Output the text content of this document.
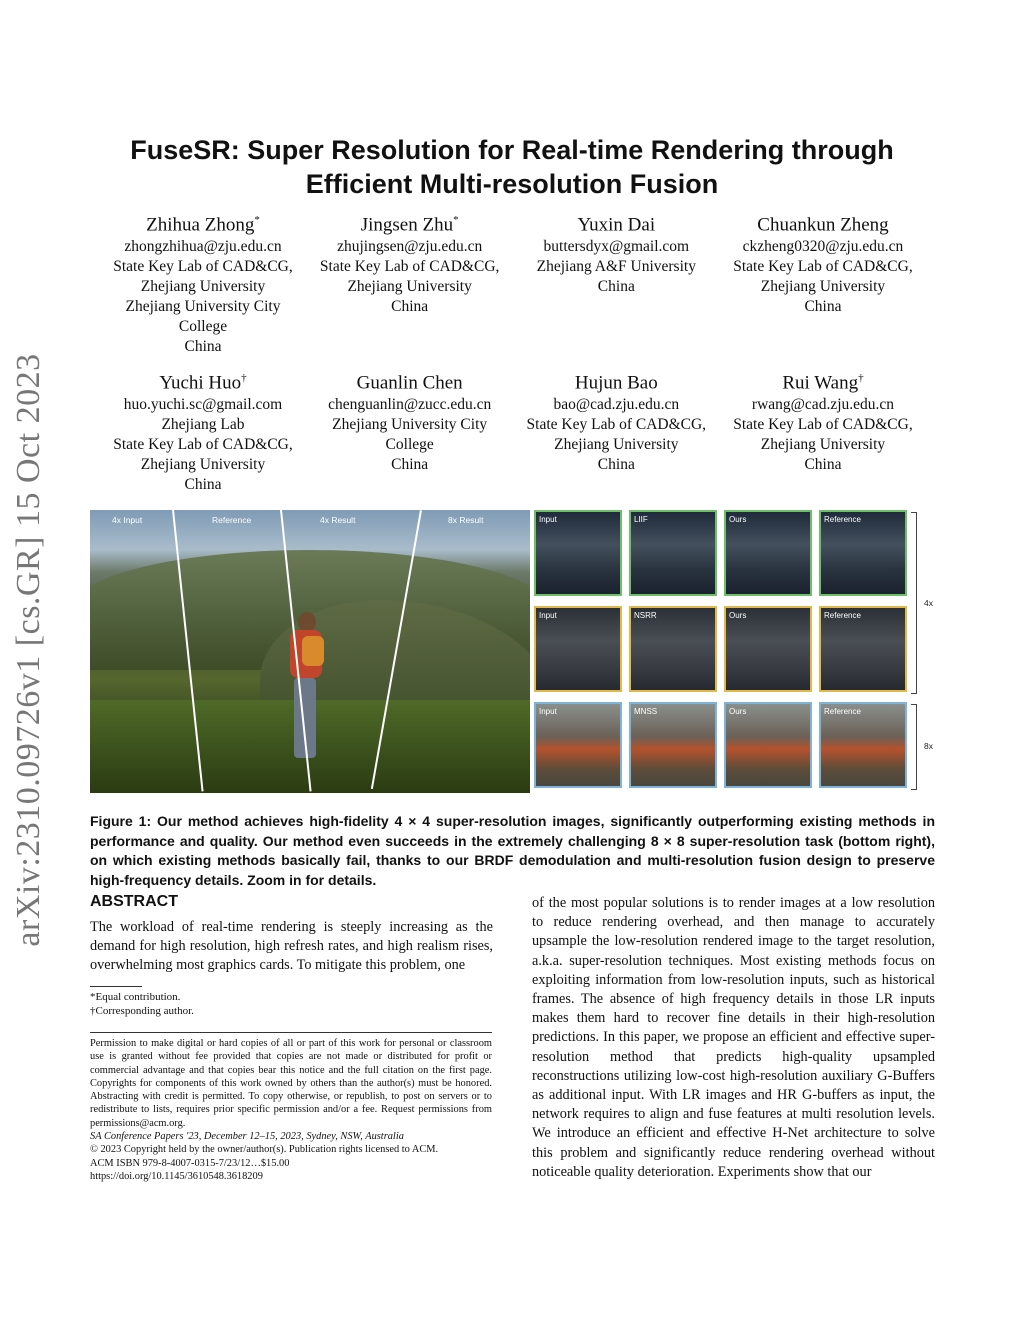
arXiv:2310.09726v1 [cs.GR] 15 Oct 2023
FuseSR: Super Resolution for Real-time Rendering through
Efficient Multi-resolution Fusion
Zhihua Zhong*
zhongzhihua@zju.edu.cn
State Key Lab of CAD&CG,
Zhejiang University
Zhejiang University City
College
China
Jingsen Zhu*
zhujingsen@zju.edu.cn
State Key Lab of CAD&CG,
Zhejiang University
China
Yuxin Dai
buttersdyx@gmail.com
Zhejiang A&F University
China
Chuankun Zheng
ckzheng0320@zju.edu.cn
State Key Lab of CAD&CG,
Zhejiang University
China
Yuchi Huo†
huo.yuchi.sc@gmail.com
Zhejiang Lab
State Key Lab of CAD&CG,
Zhejiang University
China
Guanlin Chen
chenguanlin@zucc.edu.cn
Zhejiang University City
College
China
Hujun Bao
bao@cad.zju.edu.cn
State Key Lab of CAD&CG,
Zhejiang University
China
Rui Wang†
rwang@cad.zju.edu.cn
State Key Lab of CAD&CG,
Zhejiang University
China
4x Input	Reference	4x Result	8x Result	Input	LIIF	Ours	Reference
Input	NSRR	Ours	Reference
Input	MNSS	Ours	Reference
4x
8x
Figure 1: Our method achieves high-fidelity 4 × 4 super-resolution images, significantly outperforming existing methods in performance and quality. Our method even succeeds in the extremely challenging 8 × 8 super-resolution task (bottom right), on which existing methods basically fail, thanks to our BRDF demodulation and multi-resolution fusion design to preserve high-frequency details. Zoom in for details.
ABSTRACT
The workload of real-time rendering is steeply increasing as the demand for high resolution, high refresh rates, and high realism rises, overwhelming most graphics cards. To mitigate this problem, one
*Equal contribution.
†Corresponding author.
Permission to make digital or hard copies of all or part of this work for personal or classroom use is granted without fee provided that copies are not made or distributed for profit or commercial advantage and that copies bear this notice and the full citation on the first page. Copyrights for components of this work owned by others than the author(s) must be honored. Abstracting with credit is permitted. To copy otherwise, or republish, to post on servers or to redistribute to lists, requires prior specific permission and/or a fee. Request permissions from permissions@acm.org.
SA Conference Papers '23, December 12–15, 2023, Sydney, NSW, Australia
© 2023 Copyright held by the owner/author(s). Publication rights licensed to ACM.
ACM ISBN 979-8-4007-0315-7/23/12…$15.00
https://doi.org/10.1145/3610548.3618209
of the most popular solutions is to render images at a low resolution to reduce rendering overhead, and then manage to accurately upsample the low-resolution rendered image to the target resolution, a.k.a. super-resolution techniques. Most existing methods focus on exploiting information from low-resolution inputs, such as historical frames. The absence of high frequency details in those LR inputs makes them hard to recover fine details in their high-resolution predictions. In this paper, we propose an efficient and effective super-resolution method that predicts high-quality upsampled reconstructions utilizing low-cost high-resolution auxiliary G-Buffers as additional input. With LR images and HR G-buffers as input, the network requires to align and fuse features at multi resolution levels. We introduce an efficient and effective H-Net architecture to solve this problem and significantly reduce rendering overhead without noticeable quality deterioration. Experiments show that our
